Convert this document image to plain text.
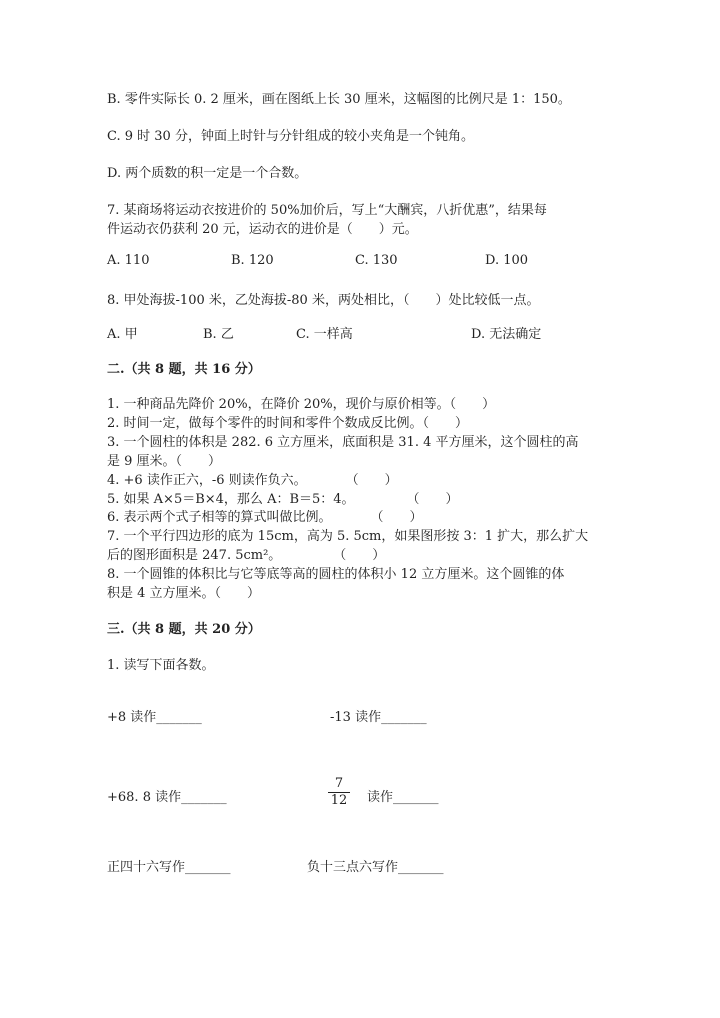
B. 零件实际长 0. 2 厘米，画在图纸上长 30 厘米，这幅图的比例尺是 1：150。
C. 9 时 30 分，钟面上时针与分针组成的较小夹角是一个钝角。
D. 两个质数的积一定是一个合数。
7. 某商场将运动衣按进价的 50%加价后，写上“大酬宾，八折优惠”，结果每
件运动衣仍获利 20 元，运动衣的进价是（　　）元。
A. 110	B. 120	C. 130	D. 100
8. 甲处海拔-100 米，乙处海拔-80 米，两处相比，（　　）处比较低一点。
A. 甲	B. 乙	C. 一样高	D. 无法确定
二.（共 8 题，共 16 分）
1. 一种商品先降价 20%，在降价 20%，现价与原价相等。（　　）
2. 时间一定，做每个零件的时间和零件个数成反比例。（　　）
3. 一个圆柱的体积是 282. 6 立方厘米，底面积是 31. 4 平方厘米，这个圆柱的高
是 9 厘米。（　　）
4. +6 读作正六，-6 则读作负六。　　　　（　　）
5. 如果 A×5＝B×4，那么 A：B＝5：4。　　　　　（　　）
6. 表示两个式子相等的算式叫做比例。　　　　（　　）
7. 一个平行四边形的底为 15cm，高为 5. 5cm，如果图形按 3：1 扩大，那么扩大
后的图形面积是 247. 5cm²。　　　　　（　　）
8. 一个圆锥的体积比与它等底等高的圆柱的体积小 12 立方厘米。这个圆锥的体
积是 4 立方厘米。（　　）
三.（共 8 题，共 20 分）
1. 读写下面各数。
+8 读作_______	-13 读作_______
+68. 8 读作_______
7
12 读作_______
正四十六写作_______	负十三点六写作_______
